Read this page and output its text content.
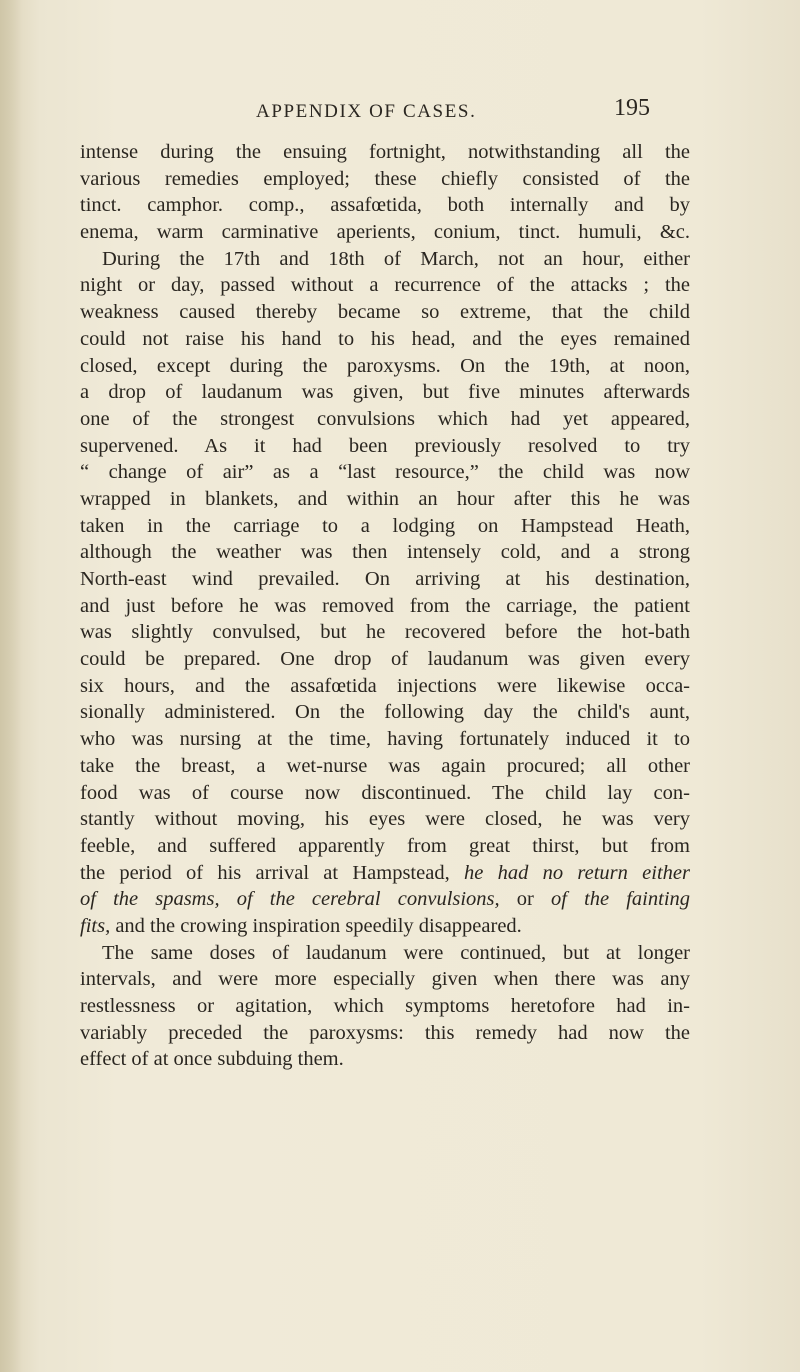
APPENDIX OF CASES.	195
intense during the ensuing fortnight, notwithstanding all the
various remedies employed; these chiefly consisted of the
tinct. camphor. comp., assafœtida, both internally and by
enema, warm carminative aperients, conium, tinct. humuli, &c.
During the 17th and 18th of March, not an hour, either
night or day, passed without a recurrence of the attacks ; the
weakness caused thereby became so extreme, that the child
could not raise his hand to his head, and the eyes remained
closed, except during the paroxysms. On the 19th, at noon,
a drop of laudanum was given, but five minutes afterwards
one of the strongest convulsions which had yet appeared,
supervened. As it had been previously resolved to try
“ change of air” as a “last resource,” the child was now
wrapped in blankets, and within an hour after this he was
taken in the carriage to a lodging on Hampstead Heath,
although the weather was then intensely cold, and a strong
North-east wind prevailed. On arriving at his destination,
and just before he was removed from the carriage, the patient
was slightly convulsed, but he recovered before the hot-bath
could be prepared. One drop of laudanum was given every
six hours, and the assafœtida injections were likewise occa-
sionally administered. On the following day the child's aunt,
who was nursing at the time, having fortunately induced it to
take the breast, a wet-nurse was again procured; all other
food was of course now discontinued. The child lay con-
stantly without moving, his eyes were closed, he was very
feeble, and suffered apparently from great thirst, but from
the period of his arrival at Hampstead, he had no return either
of the spasms, of the cerebral convulsions, or of the fainting
fits, and the crowing inspiration speedily disappeared.
The same doses of laudanum were continued, but at longer
intervals, and were more especially given when there was any
restlessness or agitation, which symptoms heretofore had in-
variably preceded the paroxysms: this remedy had now the
effect of at once subduing them.
